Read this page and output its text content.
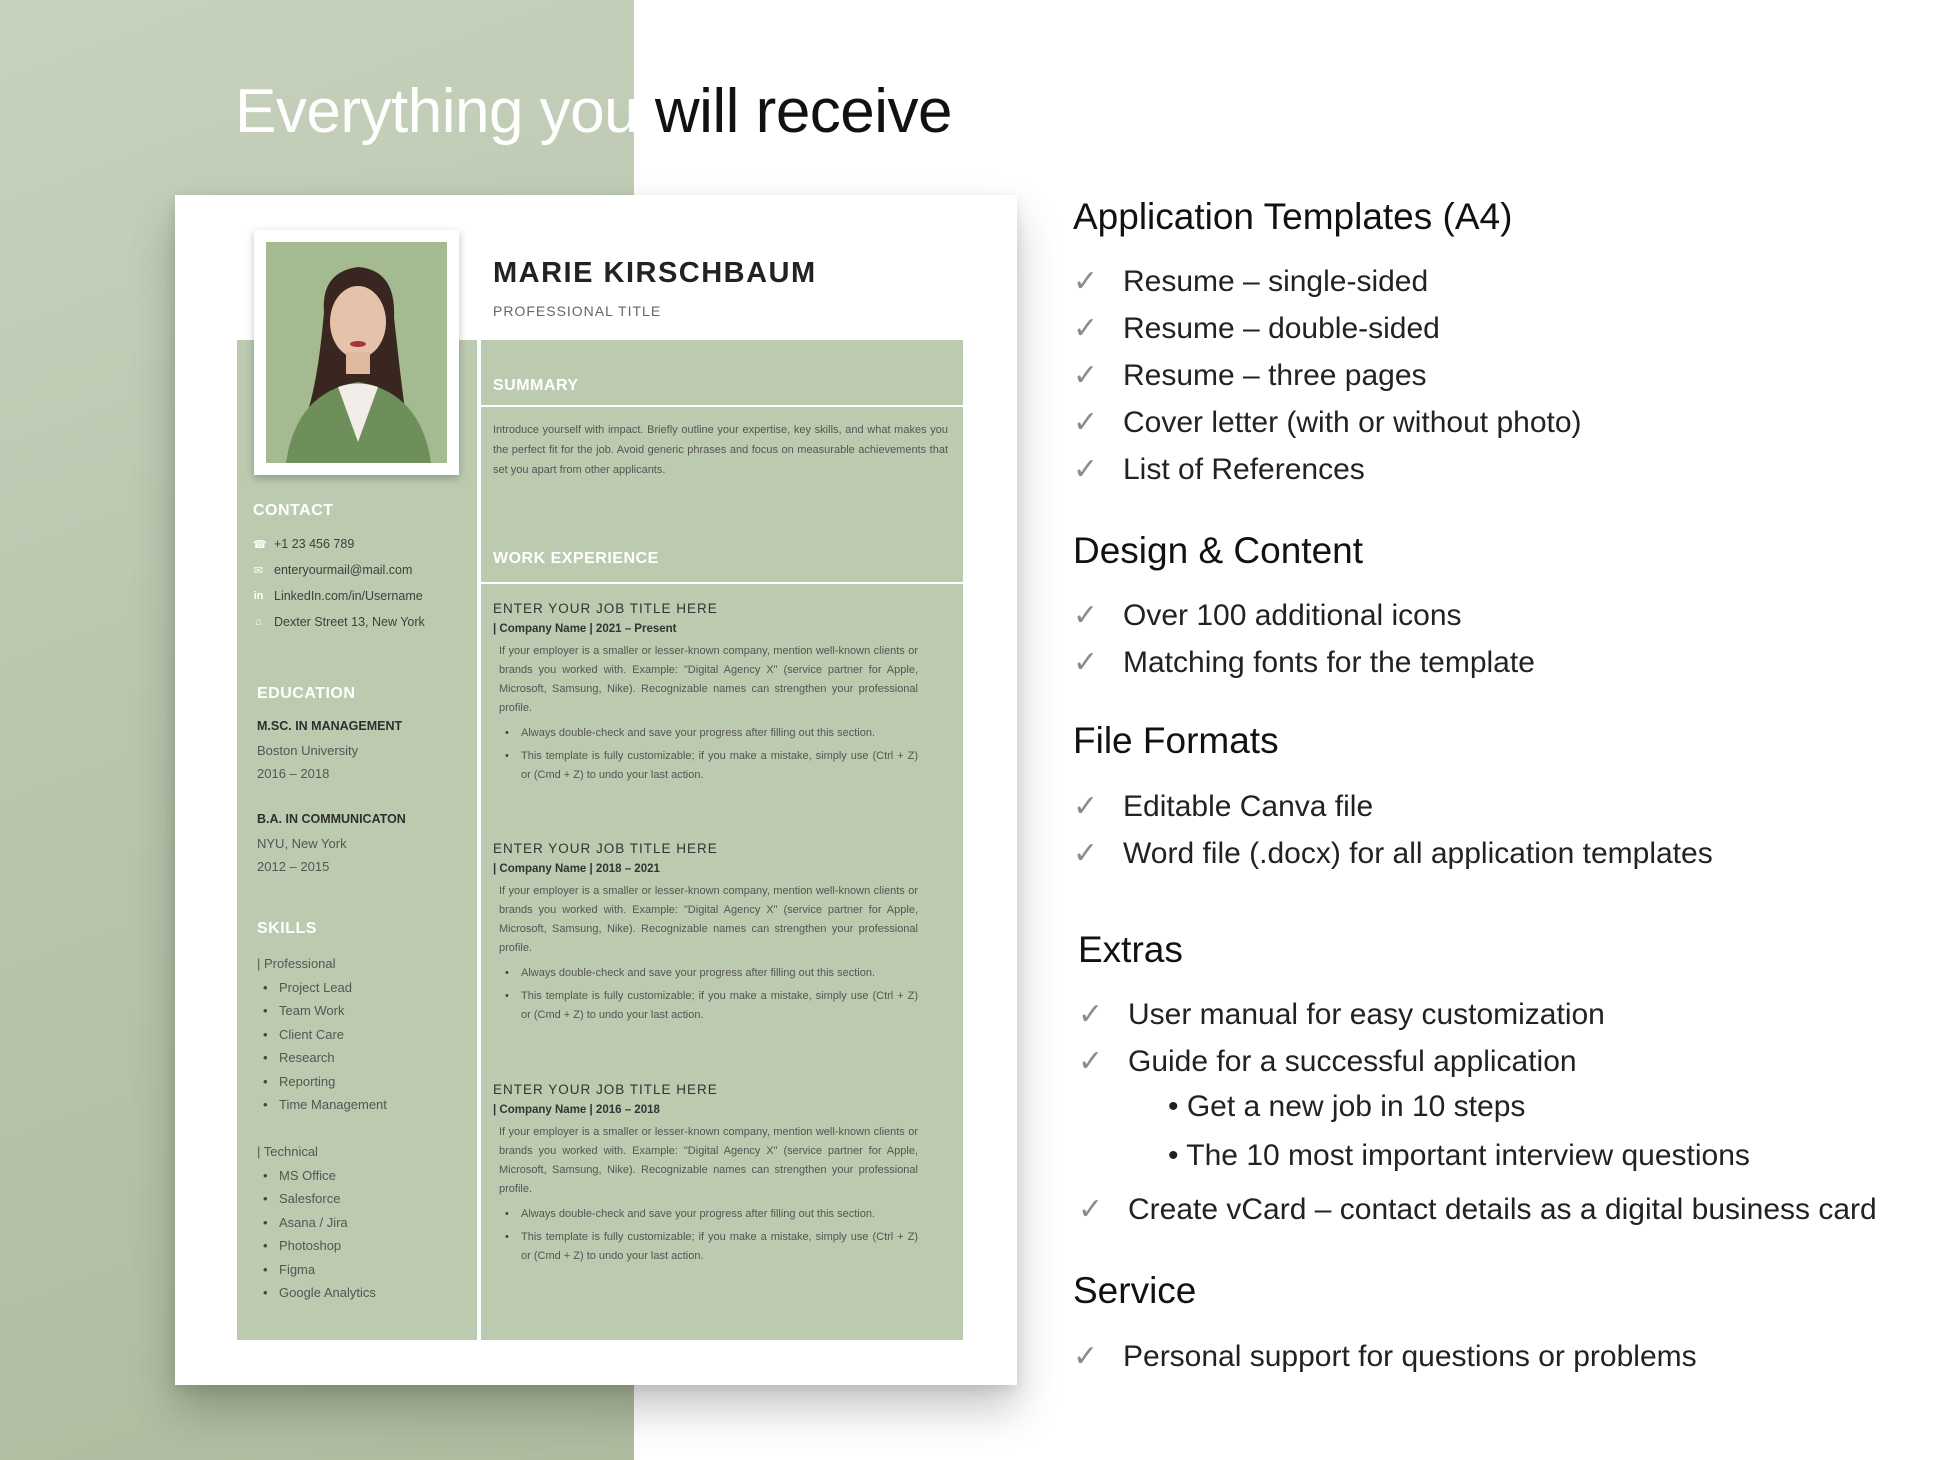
Everything you will receive
MARIE KIRSCHBAUM
PROFESSIONAL TITLE
SUMMARY
Introduce yourself with impact. Briefly outline your expertise, key skills, and what makes you the perfect fit for the job. Avoid generic phrases and focus on measurable achievements that set you apart from other applicants.
CONTACT
☎ +1 23 456 789
✉ enteryourmail@mail.com
in LinkedIn.com/in/Username
⌂ Dexter Street 13, New York
EDUCATION
M.SC. IN MANAGEMENT
Boston University
2016 – 2018
B.A. IN COMMUNICATON
NYU, New York
2012 – 2015
SKILLS
| Professional
• Project Lead
• Team Work
• Client Care
• Research
• Reporting
• Time Management
| Technical
• MS Office
• Salesforce
• Asana / Jira
• Photoshop
• Figma
• Google Analytics
WORK EXPERIENCE
ENTER YOUR JOB TITLE HERE
| Company Name | 2021 – Present

If your employer is a smaller or lesser-known company, mention well-known clients or brands you worked with. Example: "Digital Agency X" (service partner for Apple, Microsoft, Samsung, Nike). Recognizable names can strengthen your professional profile.

• Always double-check and save your progress after filling out this section.
• This template is fully customizable; if you make a mistake, simply use (Ctrl + Z) or (Cmd + Z) to undo your last action.
ENTER YOUR JOB TITLE HERE
| Company Name | 2018 – 2021

If your employer is a smaller or lesser-known company, mention well-known clients or brands you worked with. Example: "Digital Agency X" (service partner for Apple, Microsoft, Samsung, Nike). Recognizable names can strengthen your professional profile.

• Always double-check and save your progress after filling out this section.
• This template is fully customizable; if you make a mistake, simply use (Ctrl + Z) or (Cmd + Z) to undo your last action.
ENTER YOUR JOB TITLE HERE
| Company Name | 2016 – 2018

If your employer is a smaller or lesser-known company, mention well-known clients or brands you worked with. Example: "Digital Agency X" (service partner for Apple, Microsoft, Samsung, Nike). Recognizable names can strengthen your professional profile.

• Always double-check and save your progress after filling out this section.
• This template is fully customizable; if you make a mistake, simply use (Ctrl + Z) or (Cmd + Z) to undo your last action.
Application Templates (A4)
✓ Resume – single-sided
✓ Resume – double-sided
✓ Resume – three pages
✓ Cover letter (with or without photo)
✓ List of References
Design & Content
✓ Over 100 additional icons
✓ Matching fonts for the template
File Formats
✓ Editable Canva file
✓ Word file (.docx) for all application templates
Extras
✓ User manual for easy customization
✓ Guide for a successful application
• Get a new job in 10 steps
• The 10 most important interview questions
✓ Create vCard – contact details as a digital business card
Service
✓ Personal support for questions or problems
